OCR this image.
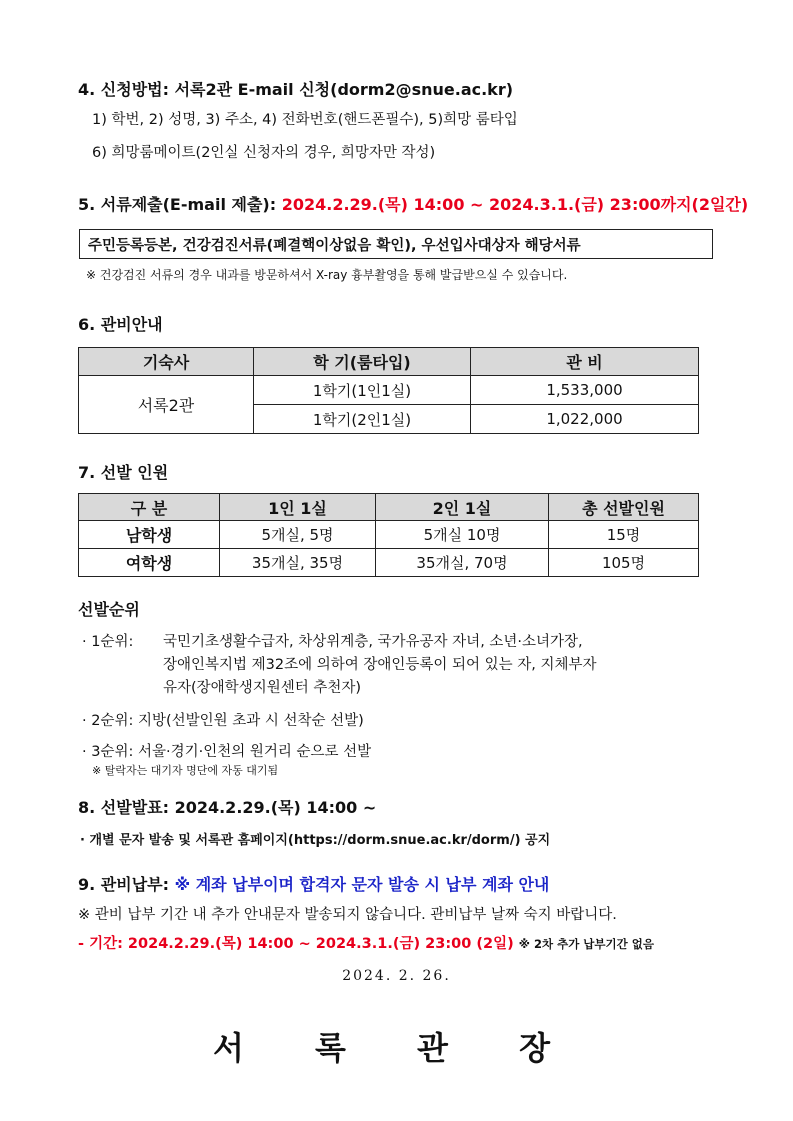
4. 신청방법: 서록2관 E-mail 신청(dorm2@snue.ac.kr)
1) 학번, 2) 성명, 3) 주소, 4) 전화번호(핸드폰필수), 5)희망 룸타입
6) 희망룸메이트(2인실 신청자의 경우, 희망자만 작성)
5. 서류제출(E-mail 제출): 2024.2.29.(목) 14:00 ~ 2024.3.1.(금) 23:00까지(2일간)
주민등록등본, 건강검진서류(폐결핵이상없음 확인), 우선입사대상자 해당서류
※ 건강검진 서류의 경우 내과를 방문하셔서 X-ray 흉부촬영을 통해 발급받으실 수 있습니다.
6. 관비안내
기숙사	학 기(룸타입)	관 비
서록2관	1학기(1인1실)	1,533,000
	1학기(2인1실)	1,022,000
7. 선발 인원
구 분	1인 1실	2인 1실	총 선발인원
남학생	5개실, 5명	5개실 10명	15명
여학생	35개실, 35명	35개실, 70명	105명
선발순위
· 1순위: 국민기초생활수급자, 차상위계층, 국가유공자 자녀, 소년·소녀가장,
장애인복지법 제32조에 의하여 장애인등록이 되어 있는 자, 지체부자
유자(장애학생지원센터 추천자)
· 2순위: 지방(선발인원 초과 시 선착순 선발)
· 3순위: 서울·경기·인천의 원거리 순으로 선발
※ 탈락자는 대기자 명단에 자동 대기됨
8. 선발발표: 2024.2.29.(목) 14:00 ~
· 개별 문자 발송 및 서록관 홈페이지(https://dorm.snue.ac.kr/dorm/) 공지
9. 관비납부: ※ 계좌 납부이며 합격자 문자 발송 시 납부 계좌 안내
※ 관비 납부 기간 내 추가 안내문자 발송되지 않습니다. 관비납부 날짜 숙지 바랍니다.
- 기간: 2024.2.29.(목) 14:00 ~ 2024.3.1.(금) 23:00 (2일) ※ 2차 추가 납부기간 없음
2024. 2. 26.
서 록 관 장
